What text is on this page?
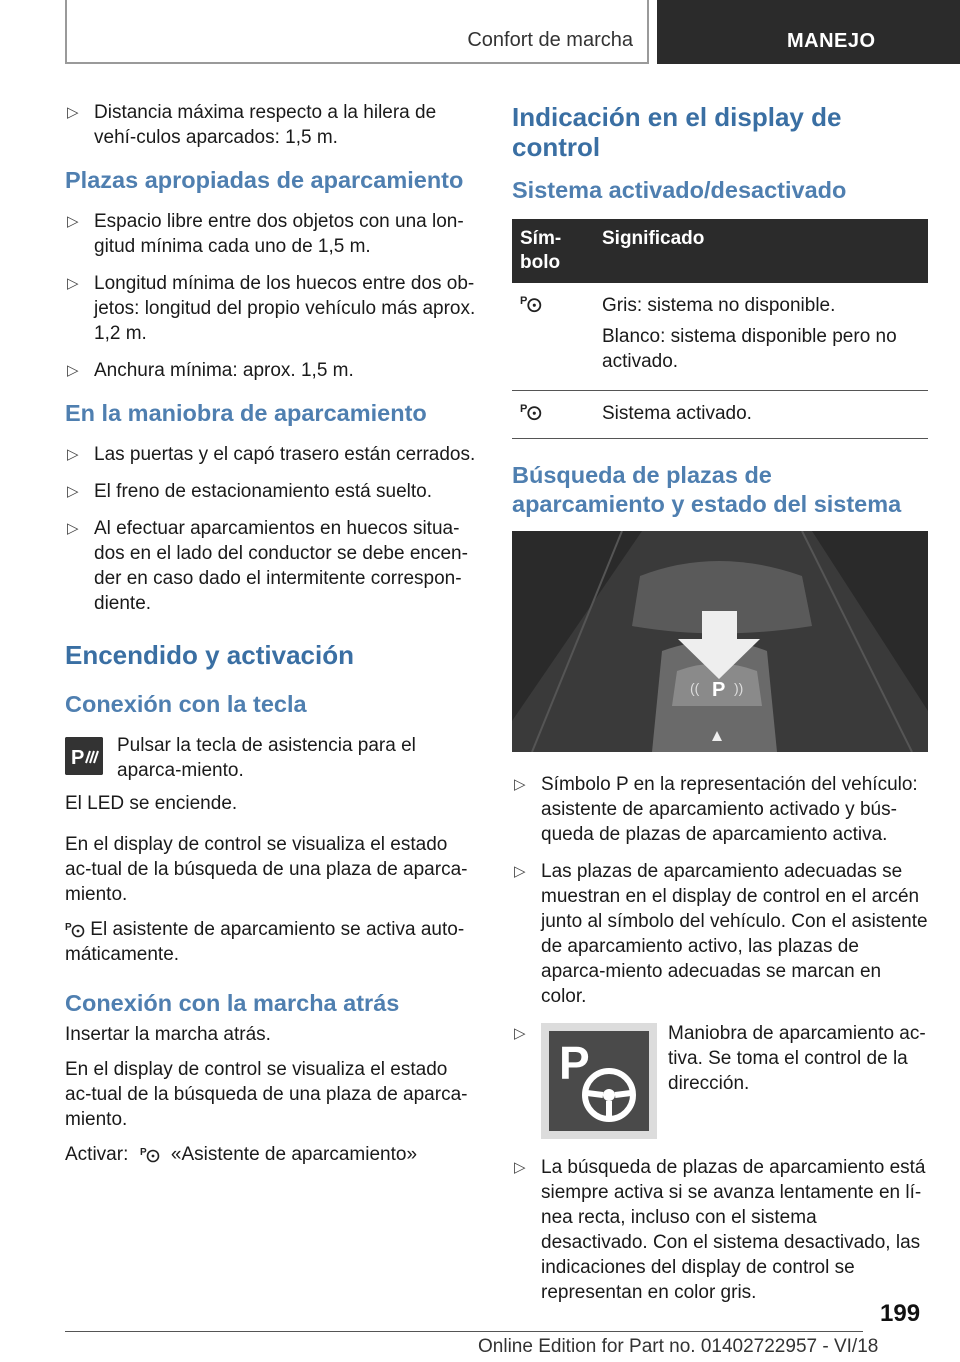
Confort de marcha	MANEJO
▷ Distancia máxima respecto a la hilera de vehí-culos aparcados: 1,5 m.
Plazas apropiadas de aparcamiento
▷ Espacio libre entre dos objetos con una lon-gitud mínima cada uno de 1,5 m.
▷ Longitud mínima de los huecos entre dos ob-jetos: longitud del propio vehículo más aprox. 1,2 m.
▷ Anchura mínima: aprox. 1,5 m.
En la maniobra de aparcamiento
▷ Las puertas y el capó trasero están cerrados.
▷ El freno de estacionamiento está suelto.
▷ Al efectuar aparcamientos en huecos situa-dos en el lado del conductor se debe encen-der en caso dado el intermitente correspon-diente.
Encendido y activación
Conexión con la tecla
P
Pulsar la tecla de asistencia para el aparca-miento.
El LED se enciende.
En el display de control se visualiza el estado ac-tual de la búsqueda de una plaza de aparca-miento.
P El asistente de aparcamiento se activa auto-máticamente.
Conexión con la marcha atrás
Insertar la marcha atrás.
En el display de control se visualiza el estado ac-tual de la búsqueda de una plaza de aparca-miento.
Activar: P «Asistente de aparcamiento»
Indicación en el display de control
Sistema activado/desactivado
Sím-bolo	Significado

P	Gris: sistema no disponible.

Blanco: sistema disponible pero no activado.

P	Sistema activado.
Búsqueda de plazas de aparcamiento y estado del sistema
P
(( ))
▷ Símbolo P en la representación del vehículo: asistente de aparcamiento activado y bús-queda de plazas de aparcamiento activa.
▷ Las plazas de aparcamiento adecuadas se muestran en el display de control en el arcén junto al símbolo del vehículo. Con el asistente de aparcamiento activo, las plazas de aparca-miento adecuadas se marcan en color.
▷
P
Maniobra de aparcamiento ac-tiva. Se toma el control de la dirección.
▷ La búsqueda de plazas de aparcamiento está siempre activa si se avanza lentamente en lí-nea recta, incluso con el sistema desactivado. Con el sistema desactivado, las indicaciones del display de control se representan en color gris.
199
Online Edition for Part no. 01402722957 - VI/18
